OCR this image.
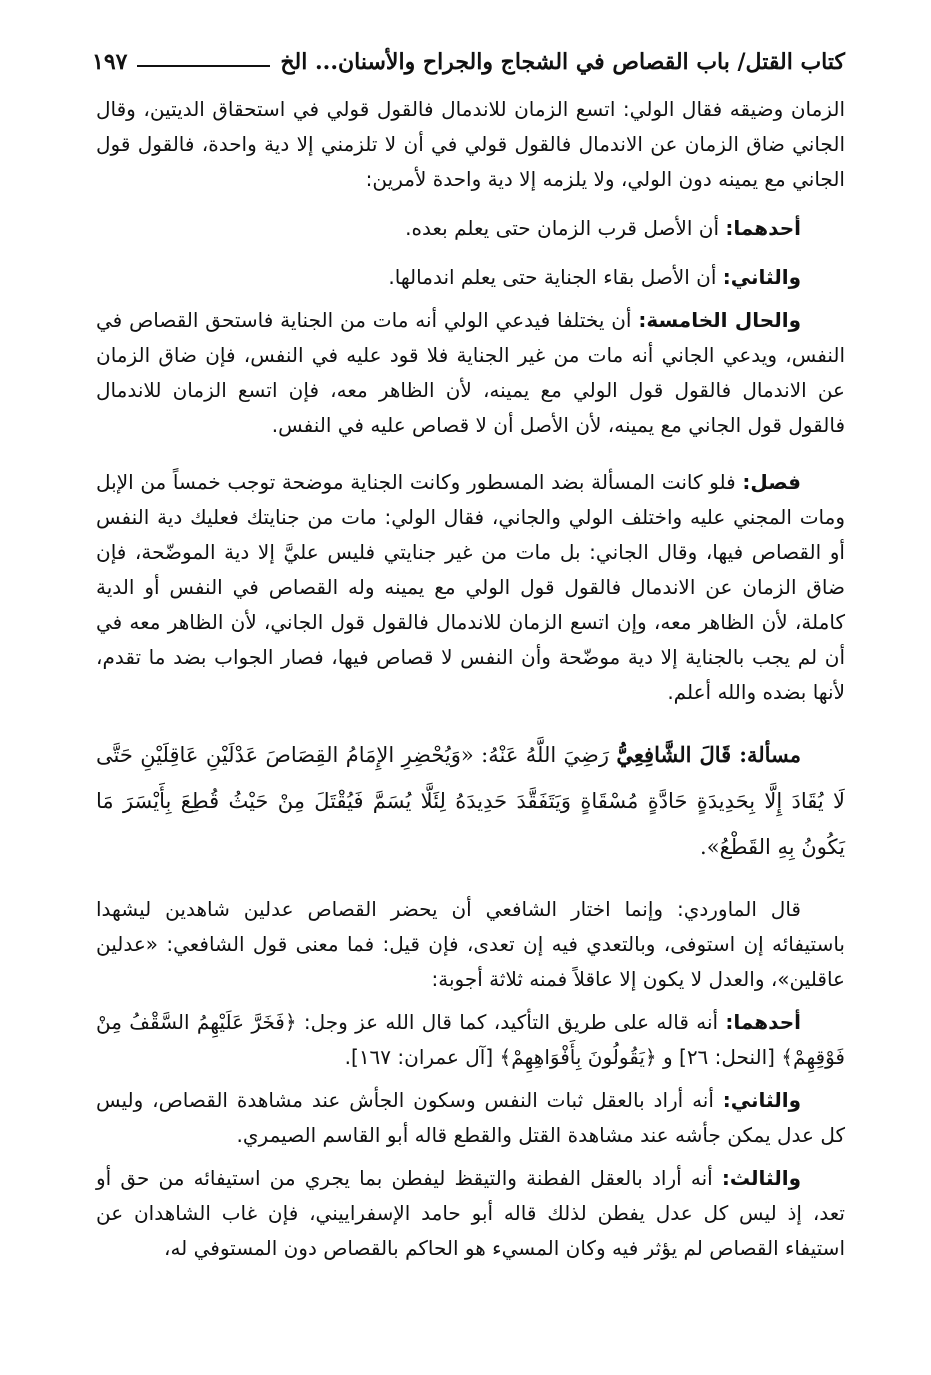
كتاب القتل/ باب القصاص في الشجاج والجراح والأسنان... الخ
١٩٧

الزمان وضيقه فقال الولي: اتسع الزمان للاندمال فالقول قولي في استحقاق الديتين، وقال الجاني ضاق الزمان عن الاندمال فالقول قولي في أن لا تلزمني إلا دية واحدة، فالقول قول الجاني مع يمينه دون الولي، ولا يلزمه إلا دية واحدة لأمرين:

أحدهما: أن الأصل قرب الزمان حتى يعلم بعده.

والثاني: أن الأصل بقاء الجناية حتى يعلم اندمالها.

والحال الخامسة: أن يختلفا فيدعي الولي أنه مات من الجناية فاستحق القصاص في النفس، ويدعي الجاني أنه مات من غير الجناية فلا قود عليه في النفس، فإن ضاق الزمان عن الاندمال فالقول قول الولي مع يمينه، لأن الظاهر معه، فإن اتسع الزمان للاندمال فالقول قول الجاني مع يمينه، لأن الأصل أن لا قصاص عليه في النفس.

فصل: فلو كانت المسألة بضد المسطور وكانت الجناية موضحة توجب خمساً من الإبل ومات المجني عليه واختلف الولي والجاني، فقال الولي: مات من جنايتك فعليك دية النفس أو القصاص فيها، وقال الجاني: بل مات من غير جنايتي فليس عليَّ إلا دية الموضّحة، فإن ضاق الزمان عن الاندمال فالقول قول الولي مع يمينه وله القصاص في النفس أو الدية كاملة، لأن الظاهر معه، وإن اتسع الزمان للاندمال فالقول قول الجاني، لأن الظاهر معه في أن لم يجب بالجناية إلا دية موضّحة وأن النفس لا قصاص فيها، فصار الجواب بضد ما تقدم، لأنها بضده والله أعلم.

مسألة: قَالَ الشَّافِعِيُّ رَضِيَ اللَّهُ عَنْهُ: «وَيُحْضِرِ الإِمَامُ القِصَاصَ عَدْلَيْنِ عَاقِلَيْنِ حَتَّى لَا يُقَادَ إِلَّا بِحَدِيدَةٍ حَادَّةٍ مُسْقَاةٍ وَيَتَفَقَّدَ حَدِيدَهُ لِئَلَّا يُسَمَّ فَيُقْتَلَ مِنْ حَيْثُ قُطِعَ بِأَيْسَرَ مَا يَكُونُ بِهِ القَطْعُ».

قال الماوردي: وإنما اختار الشافعي أن يحضر القصاص عدلين شاهدين ليشهدا باستيفائه إن استوفى، وبالتعدي فيه إن تعدى، فإن قيل: فما معنى قول الشافعي: «عدلين عاقلين»، والعدل لا يكون إلا عاقلاً فمنه ثلاثة أجوبة:

أحدهما: أنه قاله على طريق التأكيد، كما قال الله عز وجل: ﴿فَخَرَّ عَلَيْهِمُ السَّقْفُ مِنْ فَوْقِهِمْ﴾ [النحل: ٢٦] و ﴿يَقُولُونَ بِأَفْوَاهِهِمْ﴾ [آل عمران: ١٦٧].

والثاني: أنه أراد بالعقل ثبات النفس وسكون الجأش عند مشاهدة القصاص، وليس كل عدل يمكن جأشه عند مشاهدة القتل والقطع قاله أبو القاسم الصيمري.

والثالث: أنه أراد بالعقل الفطنة والتيقظ ليفطن بما يجري من استيفائه من حق أو تعد، إذ ليس كل عدل يفطن لذلك قاله أبو حامد الإسفراييني، فإن غاب الشاهدان عن استيفاء القصاص لم يؤثر فيه وكان المسيء هو الحاكم بالقصاص دون المستوفي له،
